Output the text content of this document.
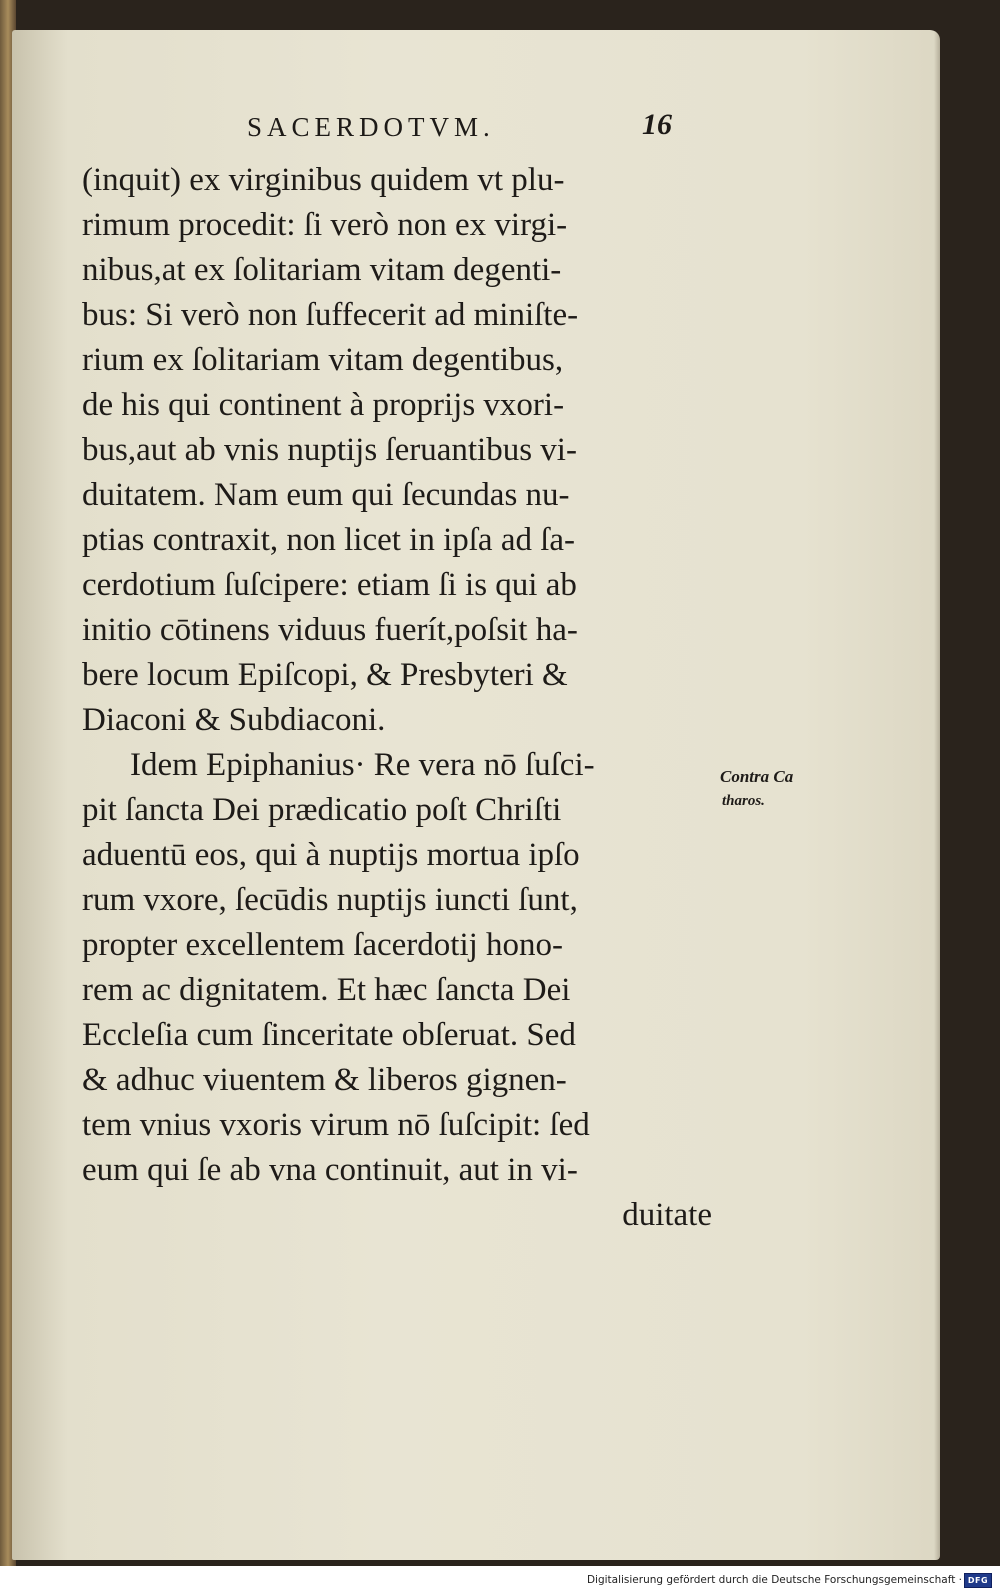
SACERDOTVM.	16
(inquit) ex virginibus quidem vt plu-
rimum procedit: ſi verò non ex virgi-
nibus,at ex ſolitariam vitam degenti-
bus: Si verò non ſuffecerit ad miniſte-
rium ex ſolitariam vitam degentibus,
de his qui continent à proprijs vxori-
bus,aut ab vnis nuptijs ſeruantibus vi-
duitatem. Nam eum qui ſecundas nu-
ptias contraxit, non licet in ipſa ad ſa-
cerdotium ſuſcipere: etiam ſi is qui ab
initio cōtinens viduus fuerít,poſsit ha-
bere locum Epiſcopi, & Presbyteri &
Diaconi & Subdiaconi.
Idem Epiphanius· Re vera nō ſuſci-
pit ſancta Dei prædicatio poſt Chriſti
aduentū eos, qui à nuptijs mortua ipſo
rum vxore, ſecūdis nuptijs iuncti ſunt,
propter excellentem ſacerdotij hono-
rem ac dignitatem. Et hæc ſancta Dei
Eccleſia cum ſinceritate obſeruat. Sed
& adhuc viuentem & liberos gignen-
tem vnius vxoris virum nō ſuſcipit: ſed
eum qui ſe ab vna continuit, aut in vi-
duitate
Contra Ca
tharos.
Digitalisierung gefördert durch die Deutsche Forschungsgemeinschaft · DFG
